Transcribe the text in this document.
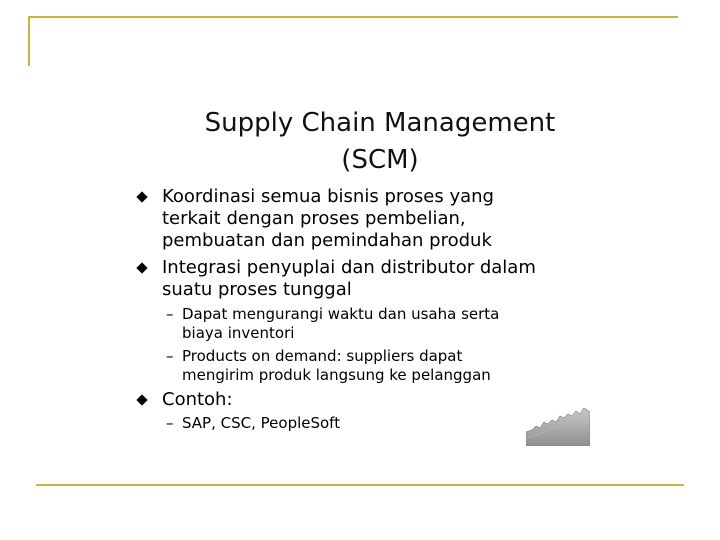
Supply Chain Management
(SCM)
Koordinasi semua bisnis proses yang
terkait dengan proses pembelian,
pembuatan dan pemindahan produk
Integrasi penyuplai dan distributor dalam
suatu proses tunggal
– Dapat mengurangi waktu dan usaha serta
biaya inventori
– Products on demand: suppliers dapat
mengirim produk langsung ke pelanggan
Contoh:
– SAP, CSC, PeopleSoft
